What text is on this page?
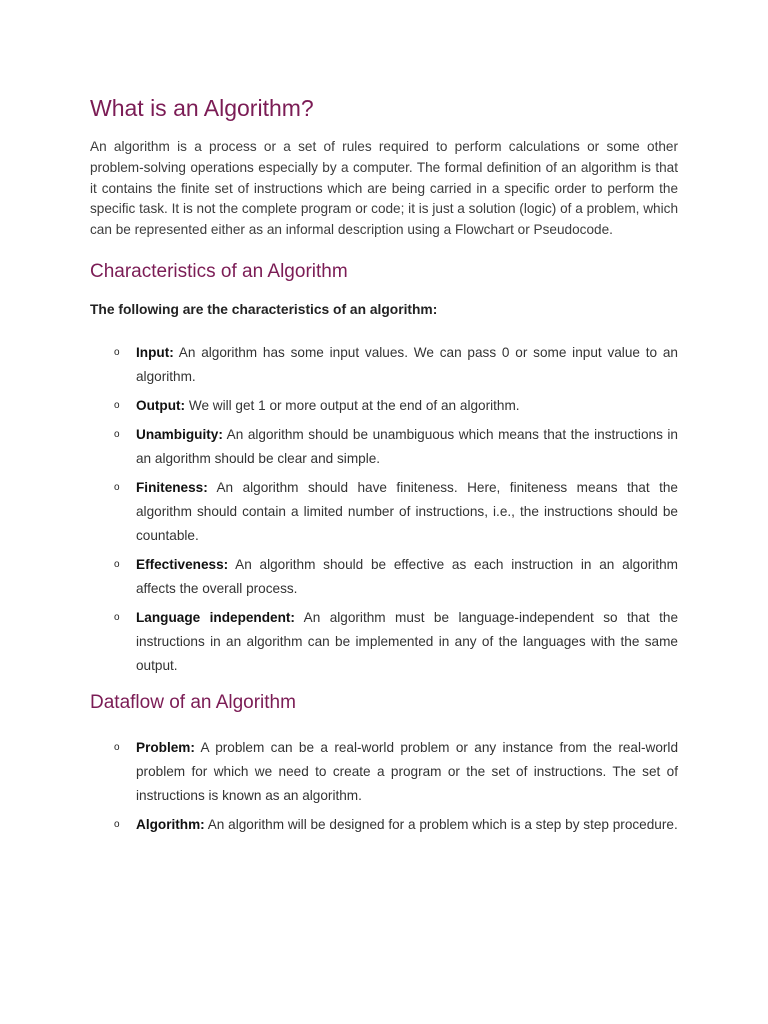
What is an Algorithm?

An algorithm is a process or a set of rules required to perform calculations or some other problem-solving operations especially by a computer. The formal definition of an algorithm is that it contains the finite set of instructions which are being carried in a specific order to perform the specific task. It is not the complete program or code; it is just a solution (logic) of a problem, which can be represented either as an informal description using a Flowchart or Pseudocode.

Characteristics of an Algorithm
The following are the characteristics of an algorithm:
o Input: An algorithm has some input values. We can pass 0 or some input value to an algorithm.
o Output: We will get 1 or more output at the end of an algorithm.
o Unambiguity: An algorithm should be unambiguous which means that the instructions in an algorithm should be clear and simple.
o Finiteness: An algorithm should have finiteness. Here, finiteness means that the algorithm should contain a limited number of instructions, i.e., the instructions should be countable.
o Effectiveness: An algorithm should be effective as each instruction in an algorithm affects the overall process.
o Language independent: An algorithm must be language-independent so that the instructions in an algorithm can be implemented in any of the languages with the same output.
Dataflow of an Algorithm
o Problem: A problem can be a real-world problem or any instance from the real-world problem for which we need to create a program or the set of instructions. The set of instructions is known as an algorithm.
o Algorithm: An algorithm will be designed for a problem which is a step by step procedure.
